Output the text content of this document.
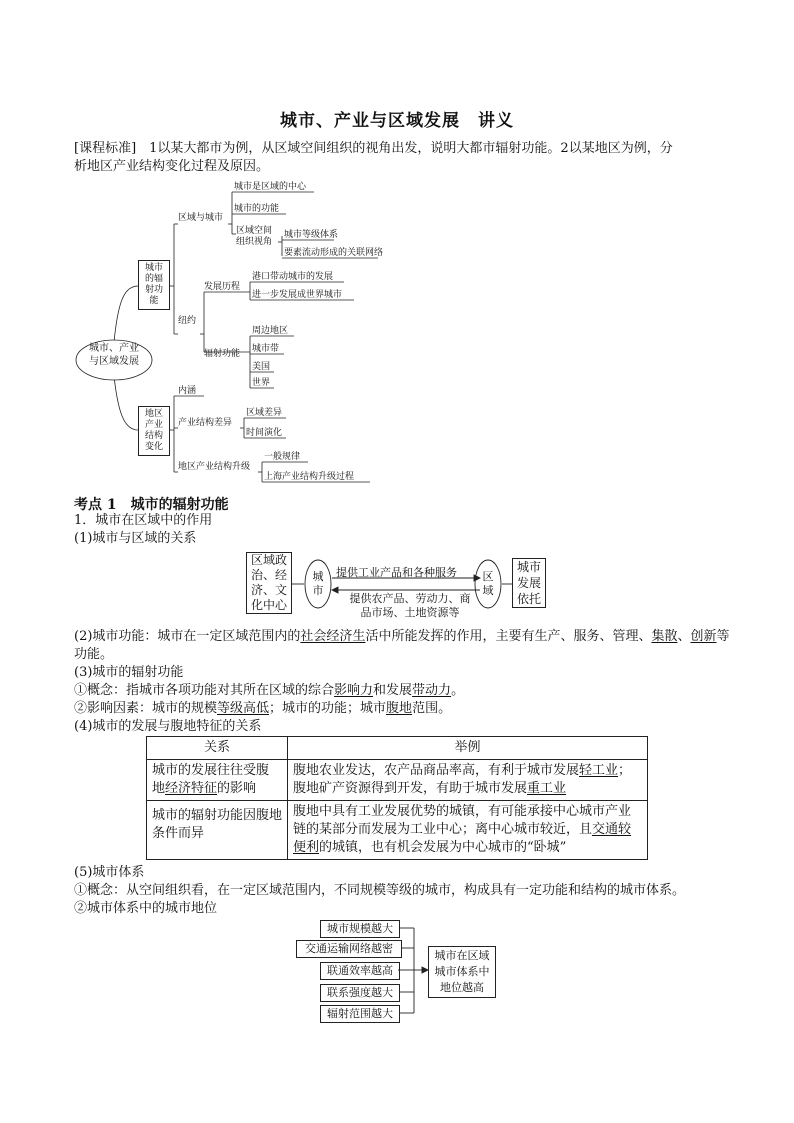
城市、产业与区域发展　讲义
[课程标准]　1以某大都市为例，从区域空间组织的视角出发，说明大都市辐射功能。2以某地区为例，分
析地区产业结构变化过程及原因。
城市、产业
与区域发展
城市
的辐
射功
能
地区
产业
结构
变化
区域与城市
城市是区域的中心
城市的功能
区域空间
组织视角
城市等级体系
要素流动形成的关联网络
纽约
发展历程
港口带动城市的发展
进一步发展成世界城市
辐射功能
周边地区
城市带
美国
世界
内涵
产业结构差异
区域差异
时间演化
地区产业结构升级
一般规律
上海产业结构升级过程
考点 1　城市的辐射功能
1．城市在区域中的作用
(1)城市与区域的关系
区域政
治、经
济、文
化中心
城
市
提供工业产品和各种服务
提供农产品、劳动力、商
品市场、土地资源等
区
域
城市
发展
依托
(2)城市功能：城市在一定区域范围内的社会经济生活中所能发挥的作用，主要有生产、服务、管理、集散、创新等功能。
(3)城市的辐射功能
①概念：指城市各项功能对其所在区域的综合影响力和发展带动力。
②影响因素：城市的规模等级高低；城市的功能；城市腹地范围。
(4)城市的发展与腹地特征的关系
关系	举例
城市的发展往往受腹地经济特征的影响	腹地农业发达，农产品商品率高，有利于城市发展轻工业；
腹地矿产资源得到开发，有助于城市发展重工业
城市的辐射功能因腹地条件而异	腹地中具有工业发展优势的城镇，有可能承接中心城市产业链的某部分而发展为工业中心；离中心城市较近，且交通较便利的城镇，也有机会发展为中心城市的“卧城”
(5)城市体系
①概念：从空间组织看，在一定区域范围内，不同规模等级的城市，构成具有一定功能和结构的城市体系。
②城市体系中的城市地位
城市规模越大
交通运输网络越密
联通效率越高
联系强度越大
辐射范围越大
城市在区域
城市体系中
地位越高
